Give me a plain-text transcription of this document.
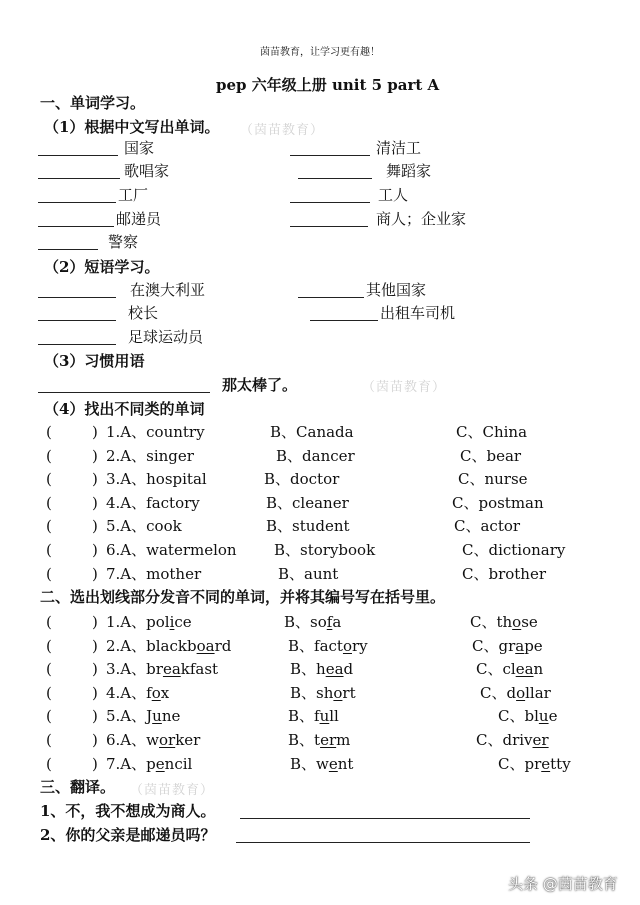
茵苗教育，让学习更有趣！
pep 六年级上册 unit 5 part A
一、单词学习。
（1）根据中文写出单词。 （茵苗教育）
国家	清洁工
歌唱家	舞蹈家
工厂	工人
邮递员	商人；企业家
警察
（2）短语学习。
在澳大利亚	其他国家
校长	出租车司机
足球运动员
（3）习惯用语
那太棒了。	（茵苗教育）
（4）找出不同类的单词
(	) 1.A、country	B、Canada	C、China
(	) 2.A、singer	B、dancer	C、bear
(	) 3.A、hospital	B、doctor	C、nurse
(	) 4.A、factory	B、cleaner	C、postman
(	) 5.A、cook	B、student	C、actor
(	) 6.A、watermelon B、storybook	C、dictionary
(	) 7.A、mother	B、aunt	C、brother
二、选出划线部分发音不同的单词，并将其编号写在括号里。
(	) 1.A、police	B、sofa	C、those
(	) 2.A、blackboard	B、factory	C、grape
(	) 3.A、breakfast	B、head	C、clean
(	) 4.A、fox	B、short	C、dollar
(	) 5.A、June	B、full	C、blue
(	) 6.A、worker	B、term	C、driver
(	) 7.A、pencil	B、went	C、pretty
三、翻译。 （茵苗教育）
1、不，我不想成为商人。
2、你的父亲是邮递员吗？
头条 @茵苗教育
